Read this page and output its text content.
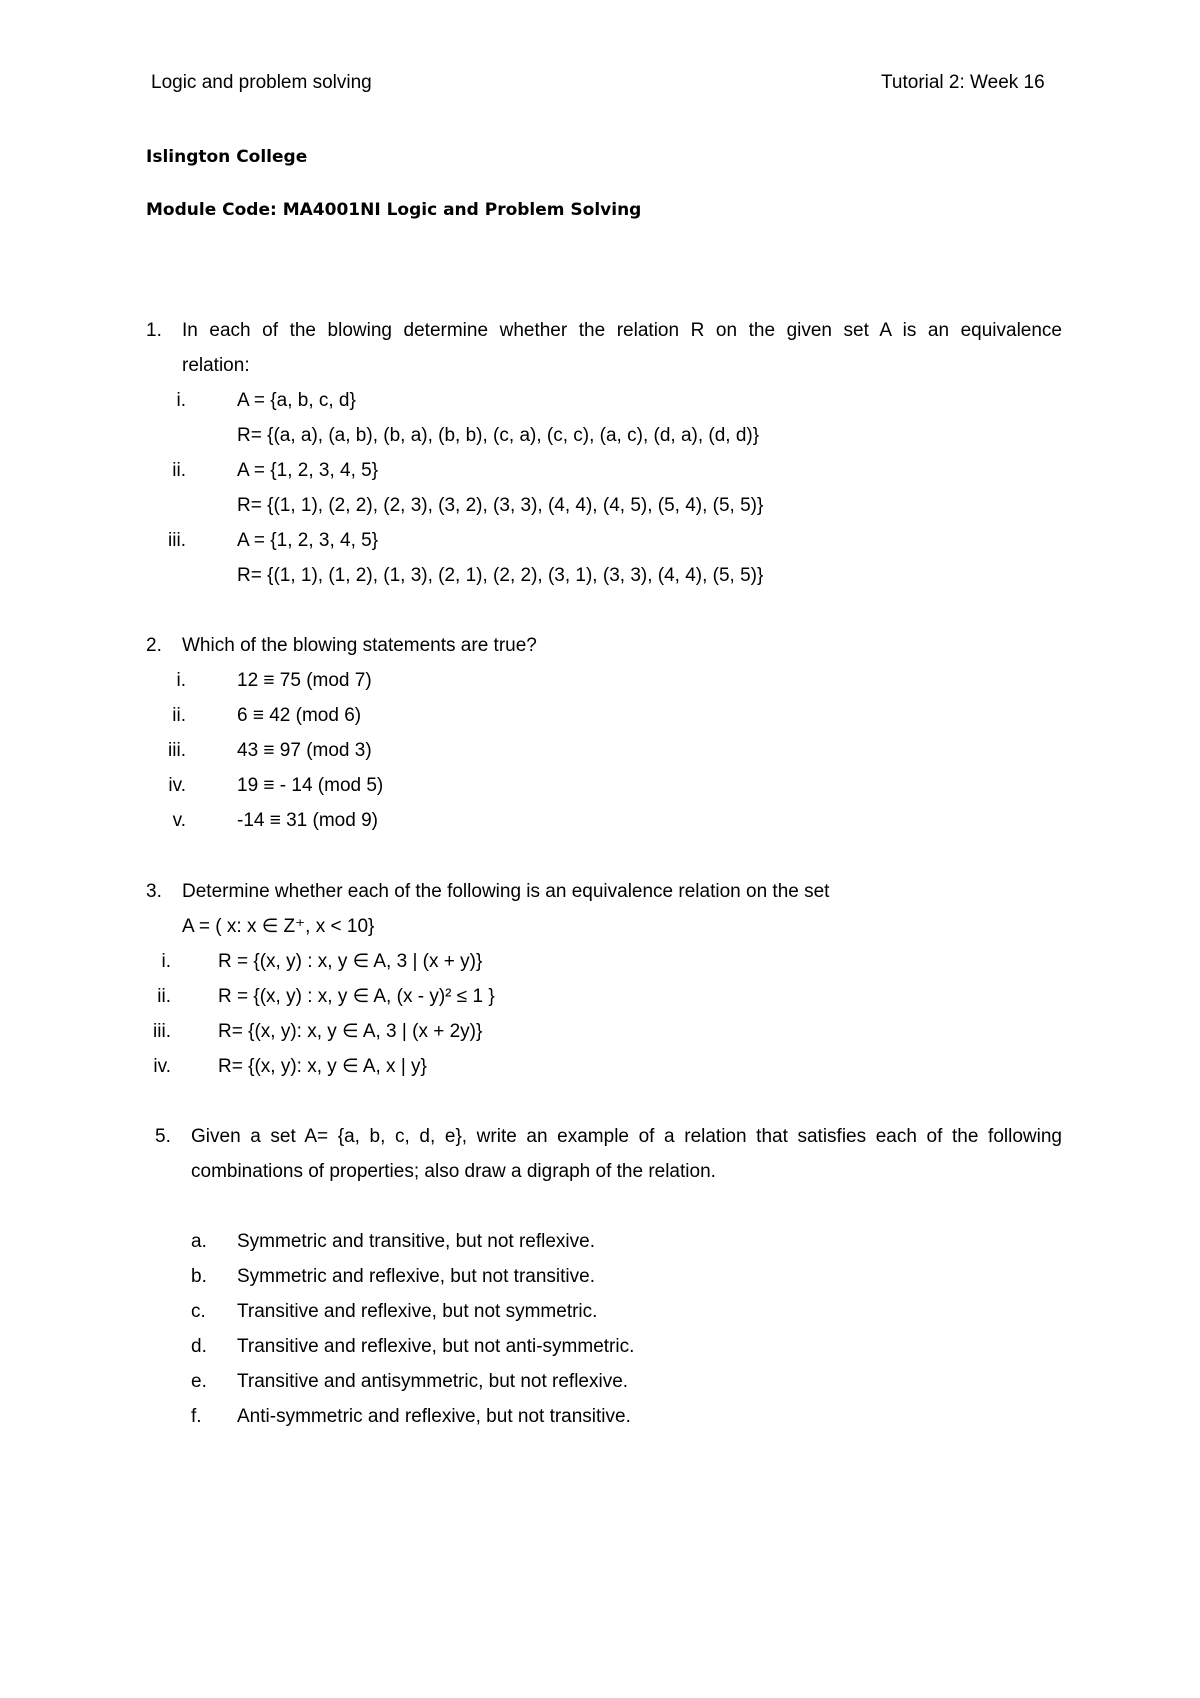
Logic and problem solving	Tutorial 2: Week 16
Islington College
Module Code: MA4001NI Logic and Problem Solving
1. In each of the blowing determine whether the relation R on the given set A is an equivalence
relation:
i.	A = {a, b, c, d}
R= {(a, a), (a, b), (b, a), (b, b), (c, a), (c, c), (a, c), (d, a), (d, d)}
ii.	A = {1, 2, 3, 4, 5}
R= {(1, 1), (2, 2), (2, 3), (3, 2), (3, 3), (4, 4), (4, 5), (5, 4), (5, 5)}
iii.	A = {1, 2, 3, 4, 5}
R= {(1, 1), (1, 2), (1, 3), (2, 1), (2, 2), (3, 1), (3, 3), (4, 4), (5, 5)}
2. Which of the blowing statements are true?
i.	12 ≡ 75 (mod 7)
ii.	6 ≡ 42 (mod 6)
iii.	43 ≡ 97 (mod 3)
iv.	19 ≡ - 14 (mod 5)
v.	-14 ≡ 31 (mod 9)
3. Determine whether each of the following is an equivalence relation on the set
A = ( x: x ∈ Z⁺, x < 10}
i. R = {(x, y) : x, y ∈ A, 3 | (x + y)}
ii. R = {(x, y) : x, y ∈ A, (x - y)² ≤ 1 }
iii. R= {(x, y): x, y ∈ A, 3 | (x + 2y)}
iv. R= {(x, y): x, y ∈ A, x | y}
5. Given a set A= {a, b, c, d, e}, write an example of a relation that satisfies each of the following
combinations of properties; also draw a digraph of the relation.
a. Symmetric and transitive, but not reflexive.
b. Symmetric and reflexive, but not transitive.
c. Transitive and reflexive, but not symmetric.
d. Transitive and reflexive, but not anti-symmetric.
e. Transitive and antisymmetric, but not reflexive.
f. Anti-symmetric and reflexive, but not transitive.
